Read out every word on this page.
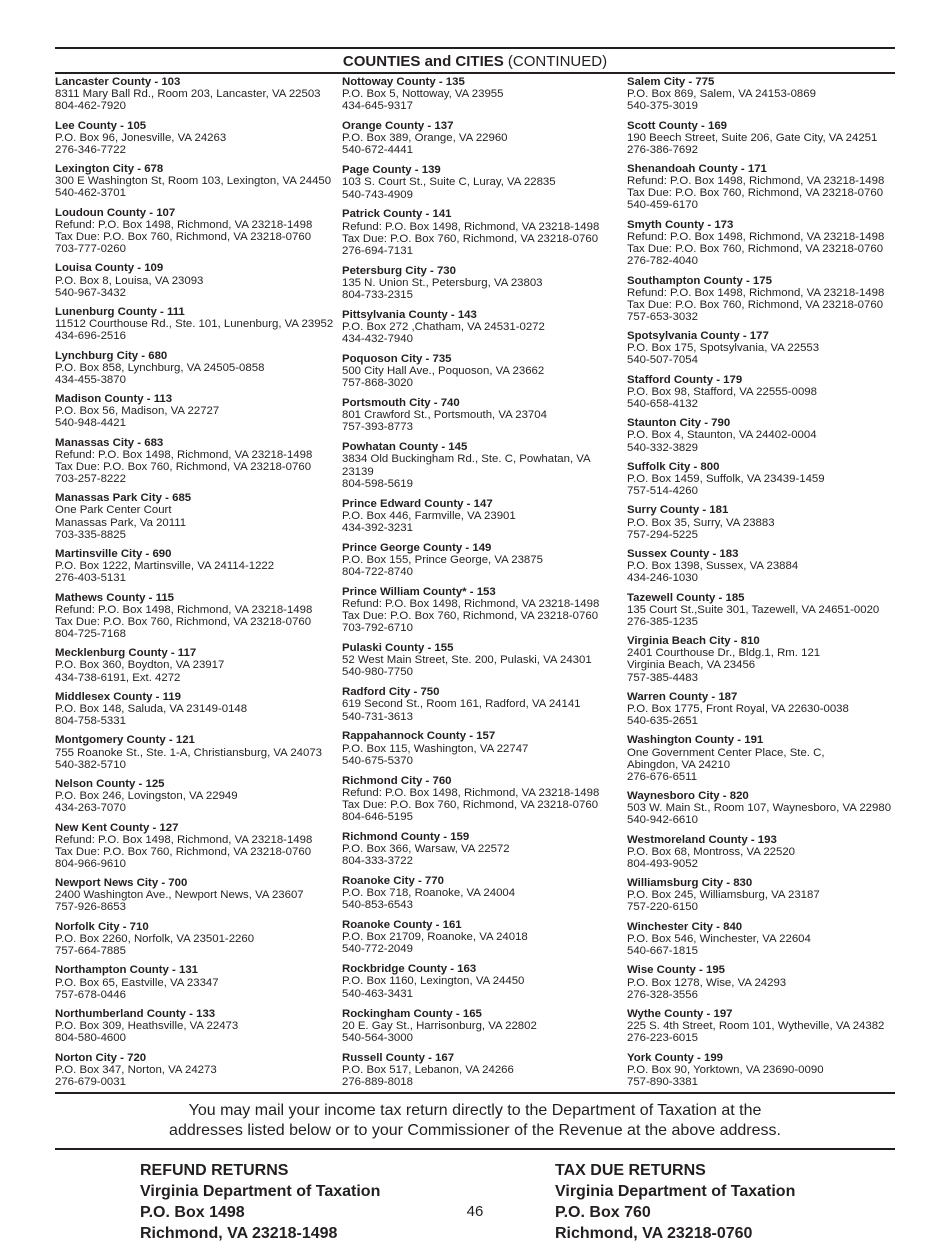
COUNTIES and CITIES (CONTINUED)
Lancaster County - 103
8311 Mary Ball Rd., Room 203, Lancaster, VA 22503
804-462-7920
Lee County - 105
P.O. Box 96, Jonesville, VA 24263
276-346-7722
Lexington City - 678
300 E Washington St, Room 103, Lexington, VA 24450
540-462-3701
Loudoun County - 107
Refund: P.O. Box 1498, Richmond, VA 23218-1498
Tax Due: P.O. Box 760, Richmond, VA 23218-0760
703-777-0260
Louisa County - 109
P.O. Box 8, Louisa, VA 23093
540-967-3432
Lunenburg County - 111
11512 Courthouse Rd., Ste. 101, Lunenburg, VA 23952
434-696-2516
Lynchburg City - 680
P.O. Box 858, Lynchburg, VA 24505-0858
434-455-3870
Madison County - 113
P.O. Box 56, Madison, VA 22727
540-948-4421
Manassas City - 683
Refund: P.O. Box 1498, Richmond, VA 23218-1498
Tax Due: P.O. Box 760, Richmond, VA 23218-0760
703-257-8222
Manassas Park City - 685
One Park Center Court
Manassas Park, Va 20111
703-335-8825
Martinsville City - 690
P.O. Box 1222, Martinsville, VA 24114-1222
276-403-5131
Mathews County - 115
Refund: P.O. Box 1498, Richmond, VA 23218-1498
Tax Due: P.O. Box 760, Richmond, VA 23218-0760
804-725-7168
Mecklenburg County - 117
P.O. Box 360, Boydton, VA 23917
434-738-6191, Ext. 4272
Middlesex County - 119
P.O. Box 148, Saluda, VA 23149-0148
804-758-5331
Montgomery County - 121
755 Roanoke St., Ste. 1-A, Christiansburg, VA 24073
540-382-5710
Nelson County - 125
P.O. Box 246, Lovingston, VA 22949
434-263-7070
New Kent County - 127
Refund: P.O. Box 1498, Richmond, VA 23218-1498
Tax Due: P.O. Box 760, Richmond, VA 23218-0760
804-966-9610
Newport News City - 700
2400 Washington Ave., Newport News, VA 23607
757-926-8653
Norfolk City - 710
P.O. Box 2260, Norfolk, VA 23501-2260
757-664-7885
Northampton County - 131
P.O. Box 65, Eastville, VA 23347
757-678-0446
Northumberland County - 133
P.O. Box 309, Heathsville, VA 22473
804-580-4600
Norton City - 720
P.O. Box 347, Norton, VA 24273
276-679-0031
Nottoway County - 135
P.O. Box 5, Nottoway, VA 23955
434-645-9317
Orange County - 137
P.O. Box 389, Orange, VA 22960
540-672-4441
Page County - 139
103 S. Court St., Suite C, Luray, VA 22835
540-743-4909
Patrick County - 141
Refund: P.O. Box 1498, Richmond, VA 23218-1498
Tax Due: P.O. Box 760, Richmond, VA 23218-0760
276-694-7131
Petersburg City - 730
135 N. Union St., Petersburg, VA 23803
804-733-2315
Pittsylvania County - 143
P.O. Box 272 ,Chatham, VA 24531-0272
434-432-7940
Poquoson City - 735
500 City Hall Ave., Poquoson, VA 23662
757-868-3020
Portsmouth City - 740
801 Crawford St., Portsmouth, VA 23704
757-393-8773
Powhatan County - 145
3834 Old Buckingham Rd., Ste. C, Powhatan, VA
23139
804-598-5619
Prince Edward County - 147
P.O. Box 446, Farmville, VA 23901
434-392-3231
Prince George County - 149
P.O. Box 155, Prince George, VA 23875
804-722-8740
Prince William County* - 153
Refund: P.O. Box 1498, Richmond, VA 23218-1498
Tax Due: P.O. Box 760, Richmond, VA 23218-0760
703-792-6710
Pulaski County - 155
52 West Main Street, Ste. 200, Pulaski, VA 24301
540-980-7750
Radford City - 750
619 Second St., Room 161, Radford, VA 24141
540-731-3613
Rappahannock County - 157
P.O. Box 115, Washington, VA 22747
540-675-5370
Richmond City - 760
Refund: P.O. Box 1498, Richmond, VA 23218-1498
Tax Due: P.O. Box 760, Richmond, VA 23218-0760
804-646-5195
Richmond County - 159
P.O. Box 366, Warsaw, VA 22572
804-333-3722
Roanoke City - 770
P.O. Box 718, Roanoke, VA 24004
540-853-6543
Roanoke County - 161
P.O. Box 21709, Roanoke, VA 24018
540-772-2049
Rockbridge County - 163
P.O. Box 1160, Lexington, VA 24450
540-463-3431
Rockingham County - 165
20 E. Gay St., Harrisonburg, VA 22802
540-564-3000
Russell County - 167
P.O. Box 517, Lebanon, VA 24266
276-889-8018
Salem City - 775
P.O. Box 869, Salem, VA 24153-0869
540-375-3019
Scott County - 169
190 Beech Street, Suite 206, Gate City, VA 24251
276-386-7692
Shenandoah County - 171
Refund: P.O. Box 1498, Richmond, VA 23218-1498
Tax Due: P.O. Box 760, Richmond, VA 23218-0760
540-459-6170
Smyth County - 173
Refund: P.O. Box 1498, Richmond, VA 23218-1498
Tax Due: P.O. Box 760, Richmond, VA 23218-0760
276-782-4040
Southampton County - 175
Refund: P.O. Box 1498, Richmond, VA 23218-1498
Tax Due: P.O. Box 760, Richmond, VA 23218-0760
757-653-3032
Spotsylvania County - 177
P.O. Box 175, Spotsylvania, VA 22553
540-507-7054
Stafford County - 179
P.O. Box 98, Stafford, VA 22555-0098
540-658-4132
Staunton City - 790
P.O. Box 4, Staunton, VA 24402-0004
540-332-3829
Suffolk City - 800
P.O. Box 1459, Suffolk, VA 23439-1459
757-514-4260
Surry County - 181
P.O. Box 35, Surry, VA 23883
757-294-5225
Sussex County - 183
P.O. Box 1398, Sussex, VA 23884
434-246-1030
Tazewell County - 185
135 Court St.,Suite 301, Tazewell, VA 24651-0020
276-385-1235
Virginia Beach City - 810
2401 Courthouse Dr., Bldg.1, Rm. 121
Virginia Beach, VA 23456
757-385-4483
Warren County - 187
P.O. Box 1775, Front Royal, VA 22630-0038
540-635-2651
Washington County - 191
One Government Center Place, Ste. C,
Abingdon, VA 24210
276-676-6511
Waynesboro City - 820
503 W. Main St., Room 107, Waynesboro, VA 22980
540-942-6610
Westmoreland County - 193
P.O. Box 68, Montross, VA 22520
804-493-9052
Williamsburg City - 830
P.O. Box 245, Williamsburg, VA 23187
757-220-6150
Winchester City - 840
P.O. Box 546, Winchester, VA 22604
540-667-1815
Wise County - 195
P.O. Box 1278, Wise, VA 24293
276-328-3556
Wythe County - 197
225 S. 4th Street, Room 101, Wytheville, VA 24382
276-223-6015
York County - 199
P.O. Box 90, Yorktown, VA 23690-0090
757-890-3381
You may mail your income tax return directly to the Department of Taxation at the
addresses listed below or to your Commissioner of the Revenue at the above address.
REFUND RETURNS
Virginia Department of Taxation
P.O. Box 1498
Richmond, VA 23218-1498
TAX DUE RETURNS
Virginia Department of Taxation
P.O. Box 760
Richmond, VA 23218-0760
46
